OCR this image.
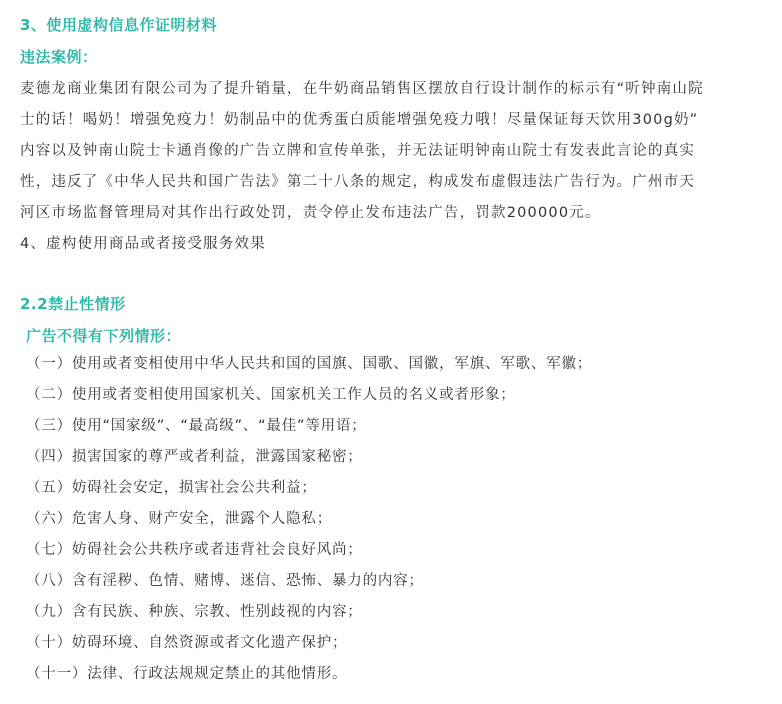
3、使用虚构信息作证明材料
违法案例：
麦德龙商业集团有限公司为了提升销量，在牛奶商品销售区摆放自行设计制作的标示有“听钟南山院
士的话！喝奶！增强免疫力！奶制品中的优秀蛋白质能增强免疫力哦！尽量保证每天饮用300g奶”
内容以及钟南山院士卡通肖像的广告立牌和宣传单张，并无法证明钟南山院士有发表此言论的真实
性，违反了《中华人民共和国广告法》第二十八条的规定，构成发布虚假违法广告行为。广州市天
河区市场监督管理局对其作出行政处罚，责令停止发布违法广告，罚款200000元。
4、虚构使用商品或者接受服务效果
2.2禁止性情形
广告不得有下列情形：
（一）使用或者变相使用中华人民共和国的国旗、国歌、国徽，军旗、军歌、军徽；
（二）使用或者变相使用国家机关、国家机关工作人员的名义或者形象；
（三）使用“国家级”、“最高级”、“最佳”等用语；
（四）损害国家的尊严或者利益，泄露国家秘密；
（五）妨碍社会安定，损害社会公共利益；
（六）危害人身、财产安全，泄露个人隐私；
（七）妨碍社会公共秩序或者违背社会良好风尚；
（八）含有淫秽、色情、赌博、迷信、恐怖、暴力的内容；
（九）含有民族、种族、宗教、性别歧视的内容；
（十）妨碍环境、自然资源或者文化遗产保护；
（十一）法律、行政法规规定禁止的其他情形。
